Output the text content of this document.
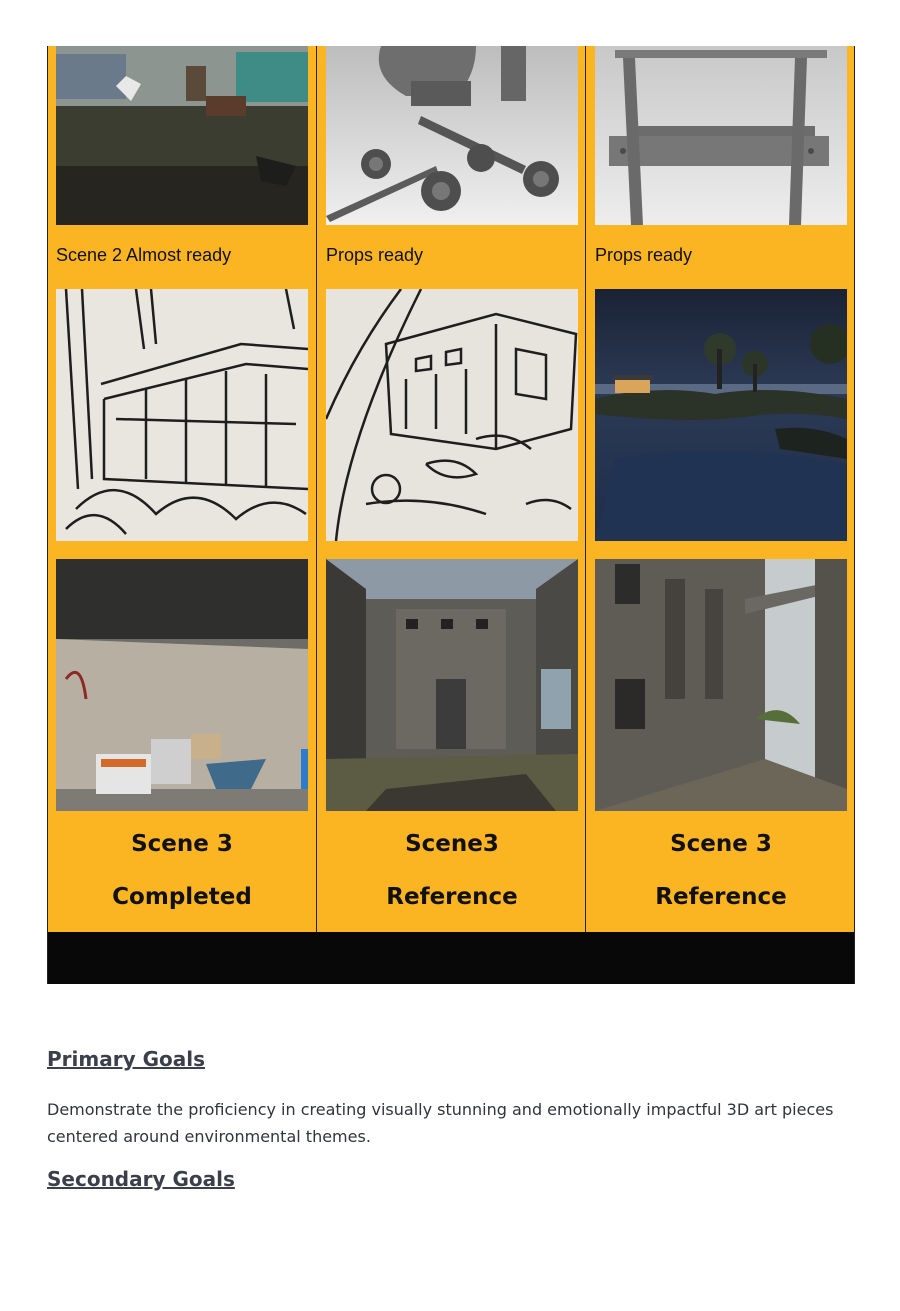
Scene 2 Almost ready	Props ready	Props ready
Scene 3
Completed
Scene3
Reference
Scene 3
Reference
Primary Goals

Demonstrate the proficiency in creating visually stunning and emotionally impactful 3D art pieces centered around environmental themes.

Secondary Goals
